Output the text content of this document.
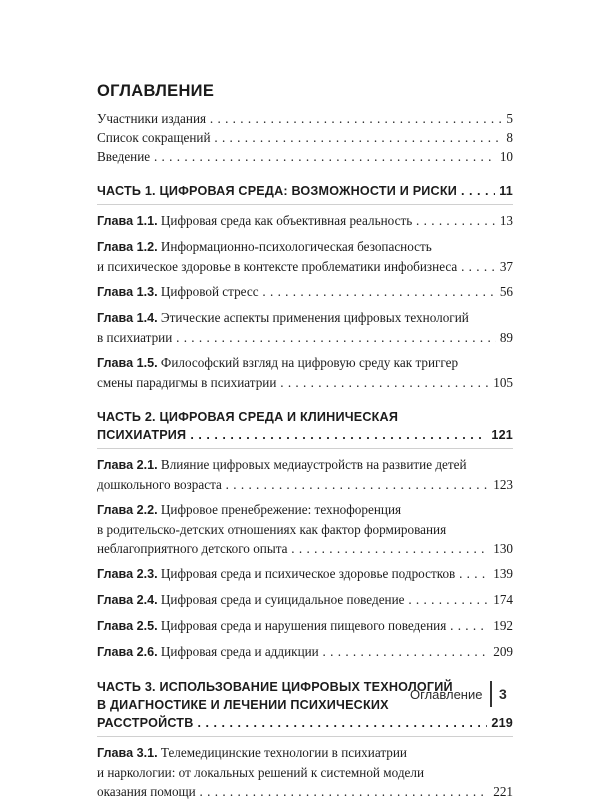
ОГЛАВЛЕНИЕ
Участники издания . . .	5
Список сокращений . . .	8
Введение . . .	10
ЧАСТЬ 1. ЦИФРОВАЯ СРЕДА: ВОЗМОЖНОСТИ И РИСКИ . . .	11
Глава 1.1. Цифровая среда как объективная реальность . . .	13
Глава 1.2. Информационно-психологическая безопасность
и психическое здоровье в контексте проблематики инфобизнеса . . .	37
Глава 1.3. Цифровой стресс . . .	56
Глава 1.4. Этические аспекты применения цифровых технологий
в психиатрии . . .	89
Глава 1.5. Философский взгляд на цифровую среду как триггер
смены парадигмы в психиатрии . . .	105
ЧАСТЬ 2. ЦИФРОВАЯ СРЕДА И КЛИНИЧЕСКАЯ
ПСИХИАТРИЯ . . .	121
Глава 2.1. Влияние цифровых медиаустройств на развитие детей
дошкольного возраста . . .	123
Глава 2.2. Цифровое пренебрежение: технофоренция
в родительско-детских отношениях как фактор формирования
неблагоприятного детского опыта . . .	130
Глава 2.3. Цифровая среда и психическое здоровье подростков . . .	139
Глава 2.4. Цифровая среда и суицидальное поведение . . .	174
Глава 2.5. Цифровая среда и нарушения пищевого поведения . . .	192
Глава 2.6. Цифровая среда и аддикции . . .	209
ЧАСТЬ 3. ИСПОЛЬЗОВАНИЕ ЦИФРОВЫХ ТЕХНОЛОГИЙ
В ДИАГНОСТИКЕ И ЛЕЧЕНИИ ПСИХИЧЕСКИХ
РАССТРОЙСТВ . . .	219
Глава 3.1. Телемедицинские технологии в психиатрии
и наркологии: от локальных решений к системной модели
оказания помощи . . .	221
Оглавление 3
